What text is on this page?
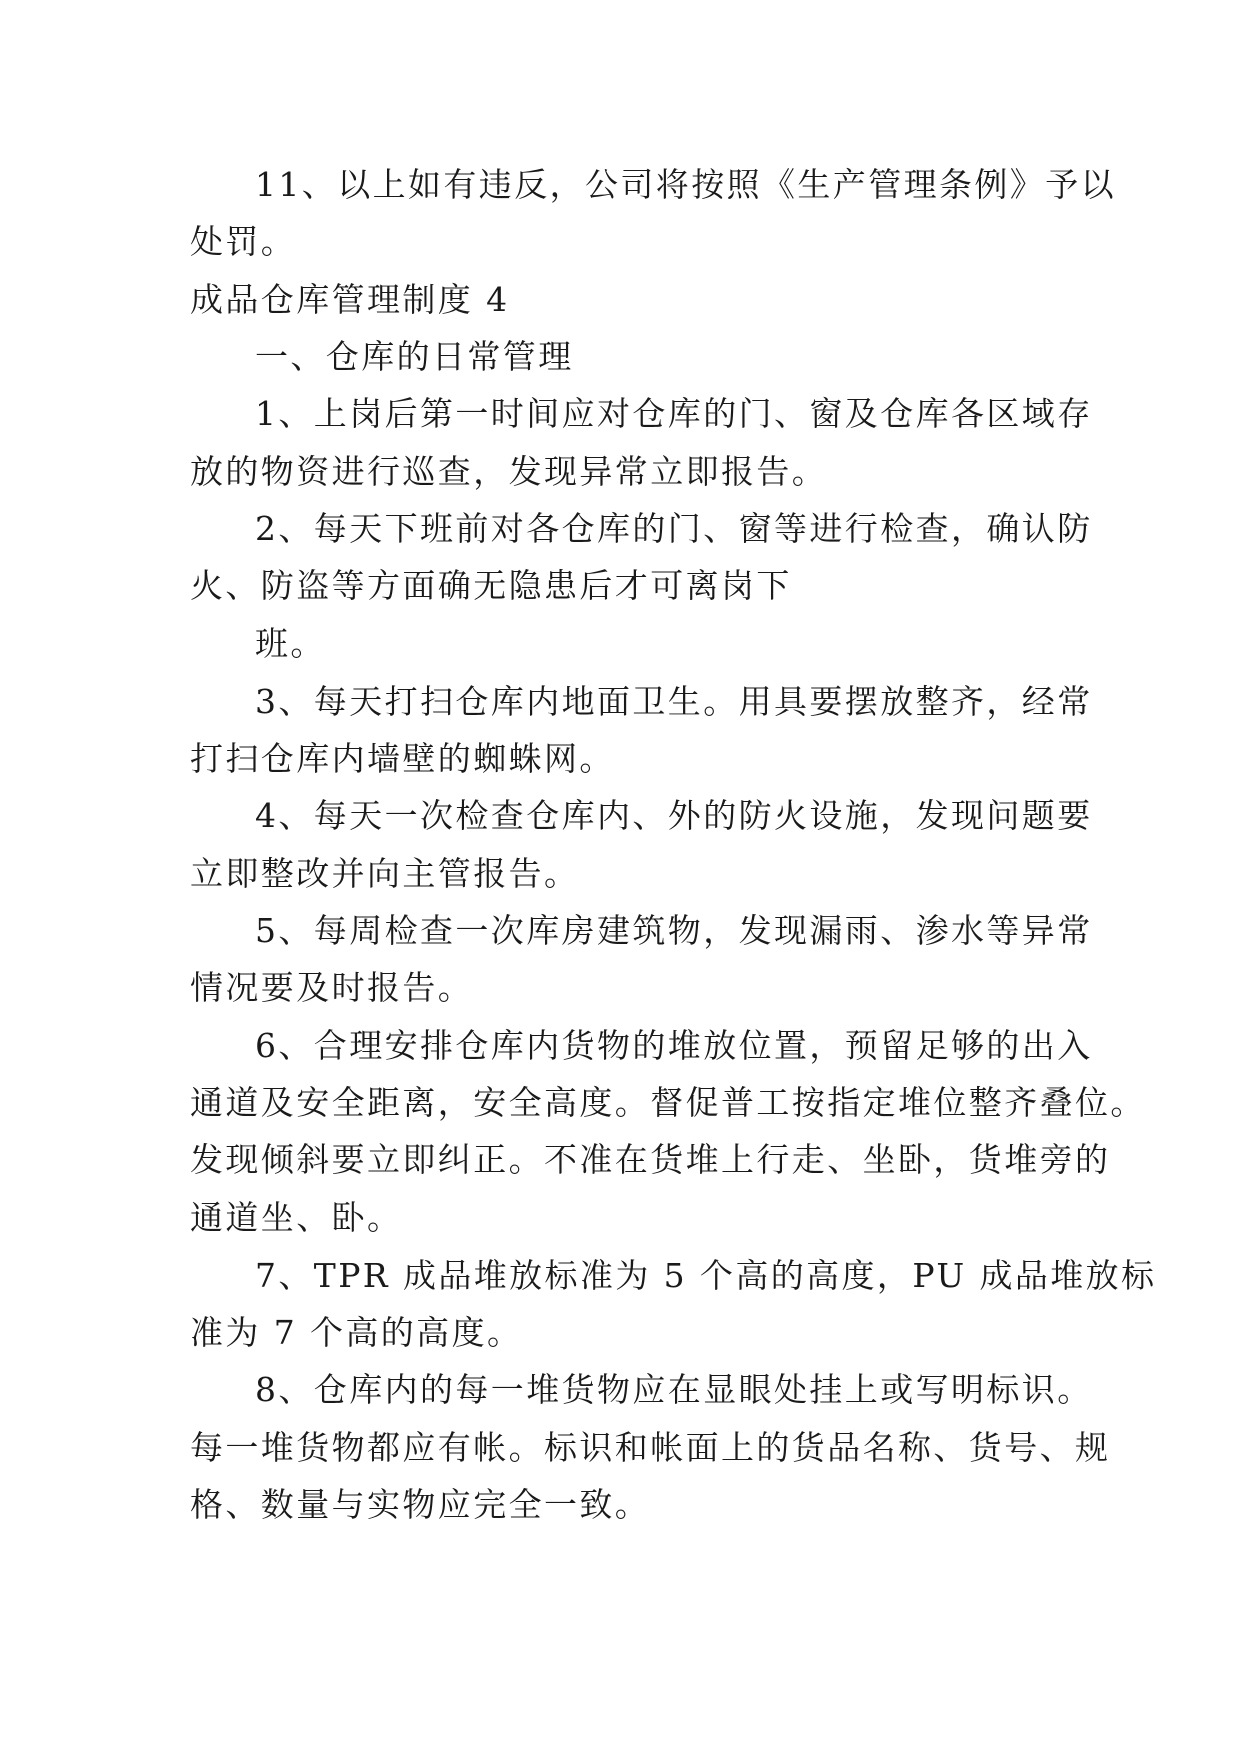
11、以上如有违反，公司将按照《生产管理条例》予以
处罚。
成品仓库管理制度 4
一、仓库的日常管理
1、上岗后第一时间应对仓库的门、窗及仓库各区域存
放的物资进行巡查，发现异常立即报告。
2、每天下班前对各仓库的门、窗等进行检查，确认防
火、防盗等方面确无隐患后才可离岗下
班。
3、每天打扫仓库内地面卫生。用具要摆放整齐，经常
打扫仓库内墙壁的蜘蛛网。
4、每天一次检查仓库内、外的防火设施，发现问题要
立即整改并向主管报告。
5、每周检查一次库房建筑物，发现漏雨、渗水等异常
情况要及时报告。
6、合理安排仓库内货物的堆放位置，预留足够的出入
通道及安全距离，安全高度。督促普工按指定堆位整齐叠位。
发现倾斜要立即纠正。不准在货堆上行走、坐卧，货堆旁的
通道坐、卧。
7、TPR 成品堆放标准为 5 个高的高度，PU 成品堆放标
准为 7 个高的高度。
8、仓库内的每一堆货物应在显眼处挂上或写明标识。
每一堆货物都应有帐。标识和帐面上的货品名称、货号、规
格、数量与实物应完全一致。
